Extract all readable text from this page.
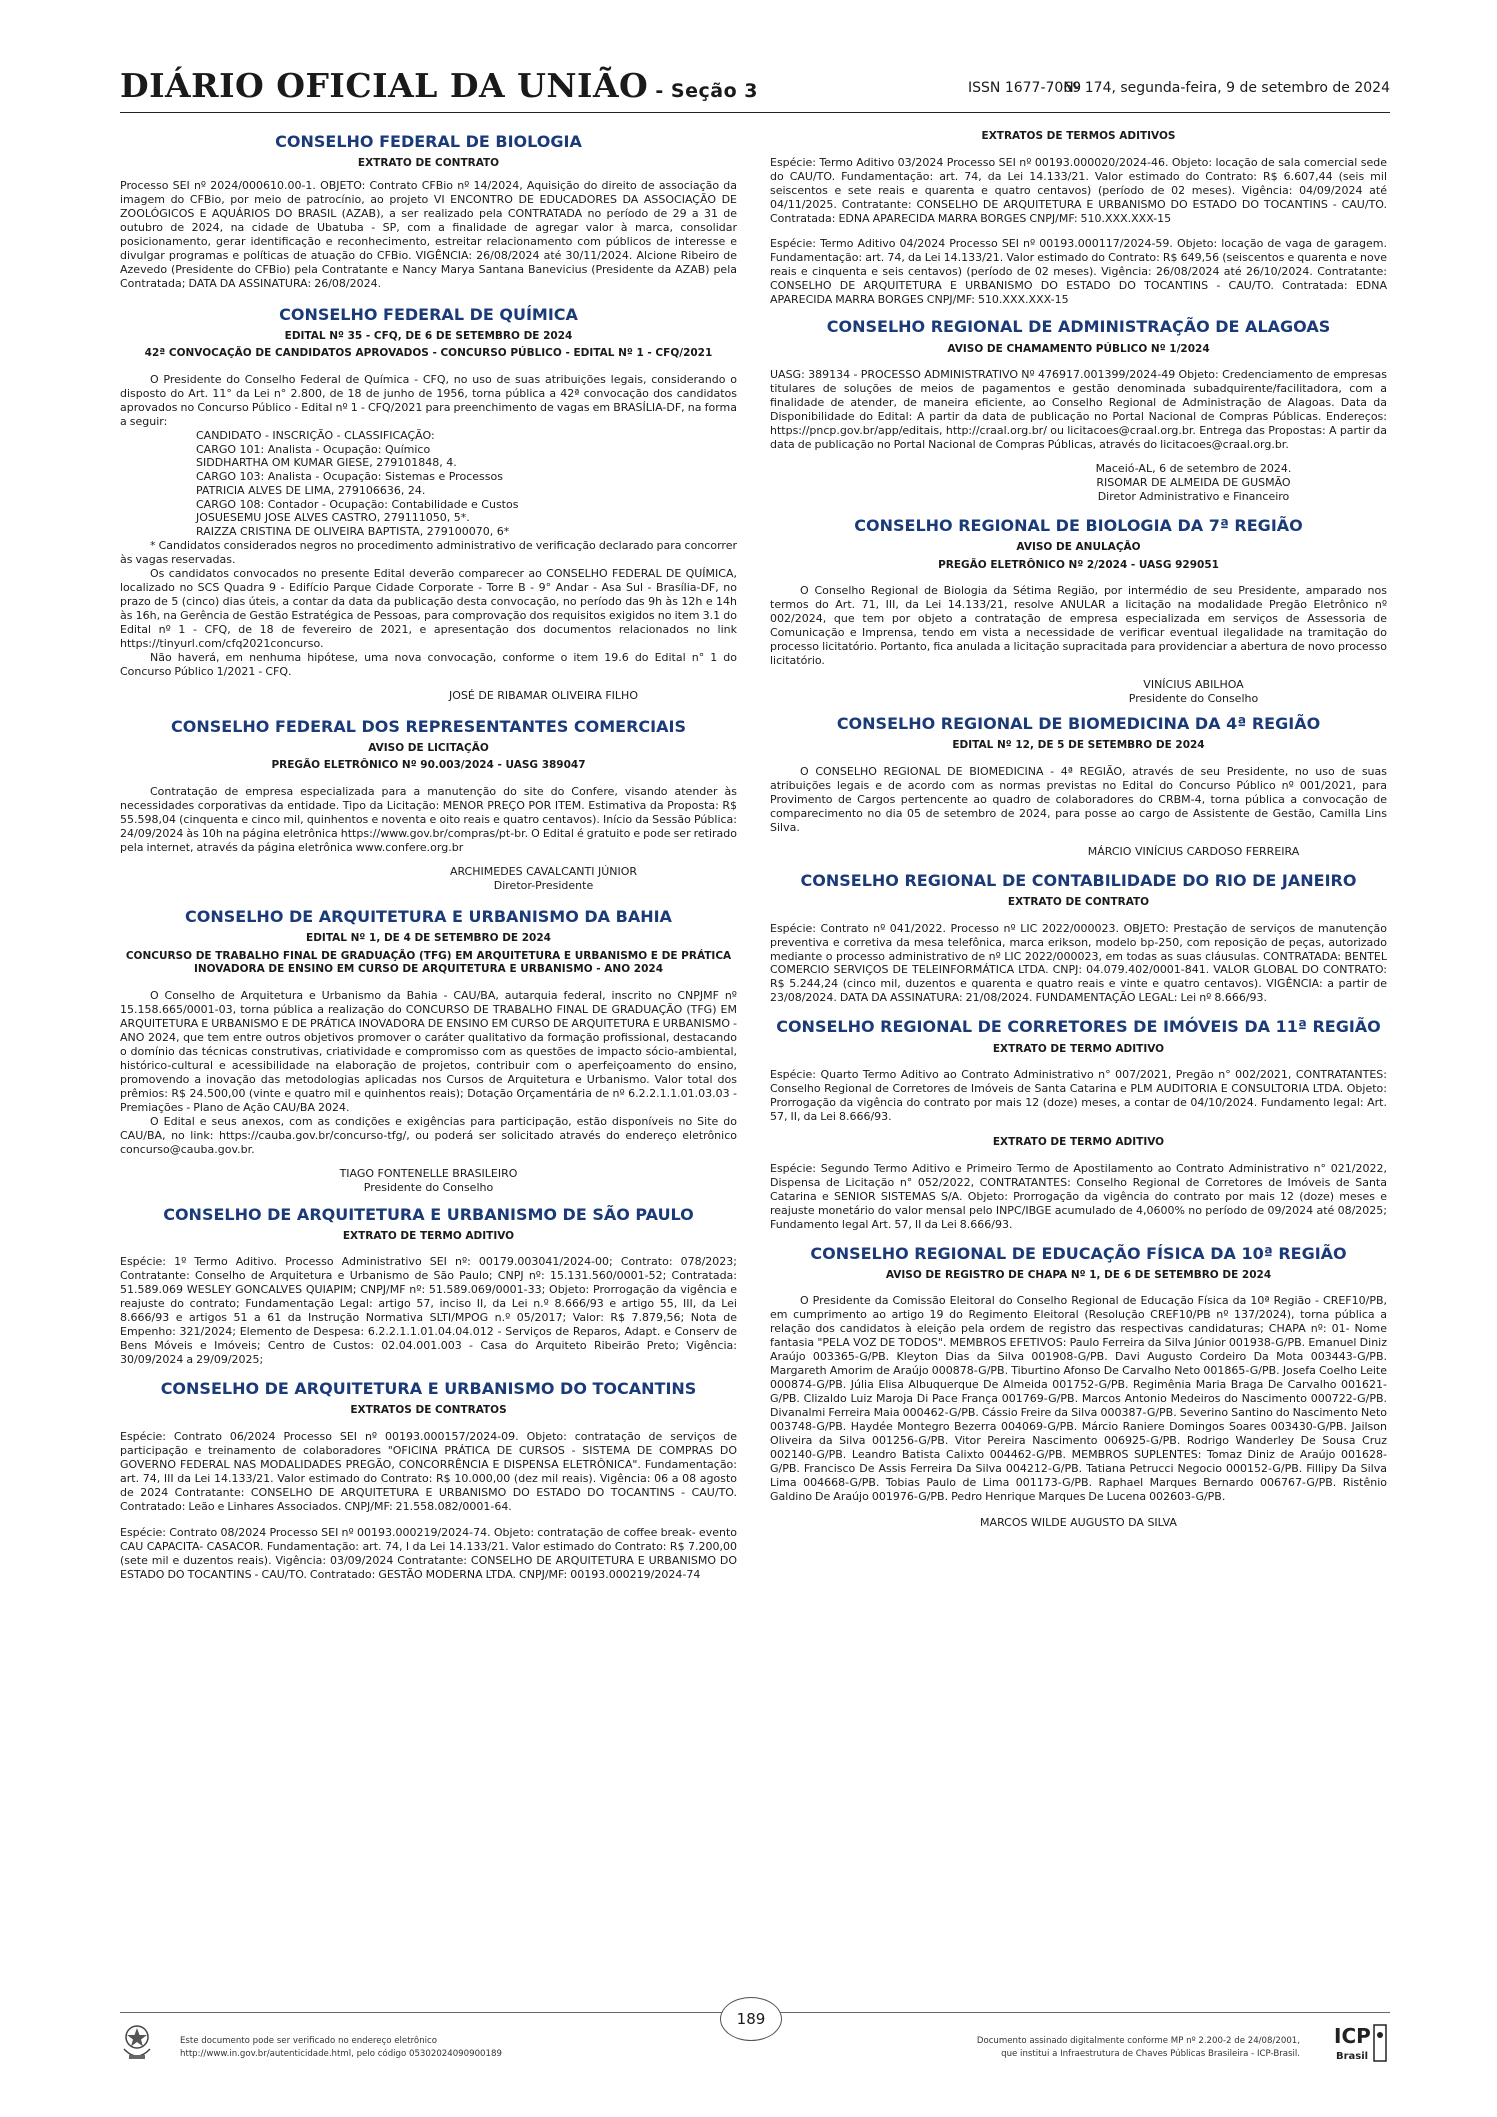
DIÁRIO OFICIAL DA UNIÃO - Seção 3	ISSN 1677-7069
Nº 174, segunda-feira, 9 de setembro de 2024
CONSELHO FEDERAL DE BIOLOGIA
EXTRATO DE CONTRATO
Processo SEI nº 2024/000610.00-1. OBJETO: Contrato CFBio nº 14/2024, Aquisição do direito de associação da imagem do CFBio, por meio de patrocínio, ao projeto VI ENCONTRO DE EDUCADORES DA ASSOCIAÇÃO DE ZOOLÓGICOS E AQUÁRIOS DO BRASIL (AZAB), a ser realizado pela CONTRATADA no período de 29 a 31 de outubro de 2024, na cidade de Ubatuba - SP, com a finalidade de agregar valor à marca, consolidar posicionamento, gerar identificação e reconhecimento, estreitar relacionamento com públicos de interesse e divulgar programas e políticas de atuação do CFBio. VIGÊNCIA: 26/08/2024 até 30/11/2024. Alcione Ribeiro de Azevedo (Presidente do CFBio) pela Contratante e Nancy Marya Santana Banevicius (Presidente da AZAB) pela Contratada; DATA DA ASSINATURA: 26/08/2024.
CONSELHO FEDERAL DE QUÍMICA
EDITAL Nº 35 - CFQ, DE 6 DE SETEMBRO DE 2024
42ª CONVOCAÇÃO DE CANDIDATOS APROVADOS - CONCURSO PÚBLICO - EDITAL Nº 1 - CFQ/2021
O Presidente do Conselho Federal de Química - CFQ, no uso de suas atribuições legais, considerando o disposto do Art. 11° da Lei n° 2.800, de 18 de junho de 1956, torna pública a 42ª convocação dos candidatos aprovados no Concurso Público - Edital nº 1 - CFQ/2021 para preenchimento de vagas em BRASÍLIA-DF, na forma a seguir:
CANDIDATO - INSCRIÇÃO - CLASSIFICAÇÃO:
CARGO 101: Analista - Ocupação: Químico
SIDDHARTHA OM KUMAR GIESE, 279101848, 4.
CARGO 103: Analista - Ocupação: Sistemas e Processos
PATRICIA ALVES DE LIMA, 279106636, 24.
CARGO 108: Contador - Ocupação: Contabilidade e Custos
JOSUESEMU JOSE ALVES CASTRO, 279111050, 5*.
RAIZZA CRISTINA DE OLIVEIRA BAPTISTA, 279100070, 6*
* Candidatos considerados negros no procedimento administrativo de verificação declarado para concorrer às vagas reservadas.
Os candidatos convocados no presente Edital deverão comparecer ao CONSELHO FEDERAL DE QUÍMICA, localizado no SCS Quadra 9 - Edifício Parque Cidade Corporate - Torre B - 9° Andar - Asa Sul - Brasília-DF, no prazo de 5 (cinco) dias úteis, a contar da data da publicação desta convocação, no período das 9h às 12h e 14h às 16h, na Gerência de Gestão Estratégica de Pessoas, para comprovação dos requisitos exigidos no item 3.1 do Edital nº 1 - CFQ, de 18 de fevereiro de 2021, e apresentação dos documentos relacionados no link https://tinyurl.com/cfq2021concurso.
Não haverá, em nenhuma hipótese, uma nova convocação, conforme o item 19.6 do Edital n° 1 do Concurso Público 1/2021 - CFQ.
JOSÉ DE RIBAMAR OLIVEIRA FILHO
CONSELHO FEDERAL DOS REPRESENTANTES COMERCIAIS
AVISO DE LICITAÇÃO
PREGÃO ELETRÔNICO Nº 90.003/2024 - UASG 389047
Contratação de empresa especializada para a manutenção do site do Confere, visando atender às necessidades corporativas da entidade. Tipo da Licitação: MENOR PREÇO POR ITEM. Estimativa da Proposta: R$ 55.598,04 (cinquenta e cinco mil, quinhentos e noventa e oito reais e quatro centavos). Início da Sessão Pública: 24/09/2024 às 10h na página eletrônica https://www.gov.br/compras/pt-br. O Edital é gratuito e pode ser retirado pela internet, através da página eletrônica www.confere.org.br
ARCHIMEDES CAVALCANTI JÚNIOR
Diretor-Presidente
CONSELHO DE ARQUITETURA E URBANISMO DA BAHIA
EDITAL Nº 1, DE 4 DE SETEMBRO DE 2024
CONCURSO DE TRABALHO FINAL DE GRADUAÇÃO (TFG) EM ARQUITETURA E URBANISMO E DE PRÁTICA INOVADORA DE ENSINO EM CURSO DE ARQUITETURA E URBANISMO - ANO 2024
O Conselho de Arquitetura e Urbanismo da Bahia - CAU/BA, autarquia federal, inscrito no CNPJMF nº 15.158.665/0001-03, torna pública a realização do CONCURSO DE TRABALHO FINAL DE GRADUAÇÃO (TFG) EM ARQUITETURA E URBANISMO E DE PRÁTICA INOVADORA DE ENSINO EM CURSO DE ARQUITETURA E URBANISMO - ANO 2024, que tem entre outros objetivos promover o caráter qualitativo da formação profissional, destacando o domínio das técnicas construtivas, criatividade e compromisso com as questões de impacto sócio-ambiental, histórico-cultural e acessibilidade na elaboração de projetos, contribuir com o aperfeiçoamento do ensino, promovendo a inovação das metodologias aplicadas nos Cursos de Arquitetura e Urbanismo. Valor total dos prêmios: R$ 24.500,00 (vinte e quatro mil e quinhentos reais); Dotação Orçamentária de nº 6.2.2.1.1.01.03.03 - Premiações - Plano de Ação CAU/BA 2024.
O Edital e seus anexos, com as condições e exigências para participação, estão disponíveis no Site do CAU/BA, no link: https://cauba.gov.br/concurso-tfg/, ou poderá ser solicitado através do endereço eletrônico concurso@cauba.gov.br.
TIAGO FONTENELLE BRASILEIRO
Presidente do Conselho
CONSELHO DE ARQUITETURA E URBANISMO DE SÃO PAULO
EXTRATO DE TERMO ADITIVO
Espécie: 1º Termo Aditivo. Processo Administrativo SEI nº: 00179.003041/2024-00; Contrato: 078/2023; Contratante: Conselho de Arquitetura e Urbanismo de São Paulo; CNPJ nº: 15.131.560/0001-52; Contratada: 51.589.069 WESLEY GONCALVES QUIAPIM; CNPJ/MF nº: 51.589.069/0001-33; Objeto: Prorrogação da vigência e reajuste do contrato; Fundamentação Legal: artigo 57, inciso II, da Lei n.º 8.666/93 e artigo 55, III, da Lei 8.666/93 e artigos 51 a 61 da Instrução Normativa SLTI/MPOG n.º 05/2017; Valor: R$ 7.879,56; Nota de Empenho: 321/2024; Elemento de Despesa: 6.2.2.1.1.01.04.04.012 - Serviços de Reparos, Adapt. e Conserv de Bens Móveis e Imóveis; Centro de Custos: 02.04.001.003 - Casa do Arquiteto Ribeirão Preto; Vigência: 30/09/2024 a 29/09/2025;
CONSELHO DE ARQUITETURA E URBANISMO DO TOCANTINS
EXTRATOS DE CONTRATOS
Espécie: Contrato 06/2024 Processo SEI nº 00193.000157/2024-09. Objeto: contratação de serviços de participação e treinamento de colaboradores "OFICINA PRÁTICA DE CURSOS - SISTEMA DE COMPRAS DO GOVERNO FEDERAL NAS MODALIDADES PREGÃO, CONCORRÊNCIA E DISPENSA ELETRÔNICA". Fundamentação: art. 74, III da Lei 14.133/21. Valor estimado do Contrato: R$ 10.000,00 (dez mil reais). Vigência: 06 a 08 agosto de 2024 Contratante: CONSELHO DE ARQUITETURA E URBANISMO DO ESTADO DO TOCANTINS - CAU/TO. Contratado: Leão e Linhares Associados. CNPJ/MF: 21.558.082/0001-64.
Espécie: Contrato 08/2024 Processo SEI nº 00193.000219/2024-74. Objeto: contratação de coffee break- evento CAU CAPACITA- CASACOR. Fundamentação: art. 74, I da Lei 14.133/21. Valor estimado do Contrato: R$ 7.200,00 (sete mil e duzentos reais). Vigência: 03/09/2024 Contratante: CONSELHO DE ARQUITETURA E URBANISMO DO ESTADO DO TOCANTINS - CAU/TO. Contratado: GESTÃO MODERNA LTDA. CNPJ/MF: 00193.000219/2024-74
EXTRATOS DE TERMOS ADITIVOS
Espécie: Termo Aditivo 03/2024 Processo SEI nº 00193.000020/2024-46. Objeto: locação de sala comercial sede do CAU/TO. Fundamentação: art. 74, da Lei 14.133/21. Valor estimado do Contrato: R$ 6.607,44 (seis mil seiscentos e sete reais e quarenta e quatro centavos) (período de 02 meses). Vigência: 04/09/2024 até 04/11/2025. Contratante: CONSELHO DE ARQUITETURA E URBANISMO DO ESTADO DO TOCANTINS - CAU/TO. Contratada: EDNA APARECIDA MARRA BORGES CNPJ/MF: 510.XXX.XXX-15
Espécie: Termo Aditivo 04/2024 Processo SEI nº 00193.000117/2024-59. Objeto: locação de vaga de garagem. Fundamentação: art. 74, da Lei 14.133/21. Valor estimado do Contrato: R$ 649,56 (seiscentos e quarenta e nove reais e cinquenta e seis centavos) (período de 02 meses). Vigência: 26/08/2024 até 26/10/2024. Contratante: CONSELHO DE ARQUITETURA E URBANISMO DO ESTADO DO TOCANTINS - CAU/TO. Contratada: EDNA APARECIDA MARRA BORGES CNPJ/MF: 510.XXX.XXX-15
CONSELHO REGIONAL DE ADMINISTRAÇÃO DE ALAGOAS
AVISO DE CHAMAMENTO PÚBLICO Nº 1/2024
UASG: 389134 - PROCESSO ADMINISTRATIVO Nº 476917.001399/2024-49 Objeto: Credenciamento de empresas titulares de soluções de meios de pagamentos e gestão denominada subadquirente/facilitadora, com a finalidade de atender, de maneira eficiente, ao Conselho Regional de Administração de Alagoas. Data da Disponibilidade do Edital: A partir da data de publicação no Portal Nacional de Compras Públicas. Endereços: https://pncp.gov.br/app/editais, http://craal.org.br/ ou licitacoes@craal.org.br. Entrega das Propostas: A partir da data de publicação no Portal Nacional de Compras Públicas, através do licitacoes@craal.org.br.
Maceió-AL, 6 de setembro de 2024.
RISOMAR DE ALMEIDA DE GUSMÃO
Diretor Administrativo e Financeiro
CONSELHO REGIONAL DE BIOLOGIA DA 7ª REGIÃO
AVISO DE ANULAÇÃO
PREGÃO ELETRÔNICO Nº 2/2024 - UASG 929051
O Conselho Regional de Biologia da Sétima Região, por intermédio de seu Presidente, amparado nos termos do Art. 71, III, da Lei 14.133/21, resolve ANULAR a licitação na modalidade Pregão Eletrônico nº 002/2024, que tem por objeto a contratação de empresa especializada em serviços de Assessoria de Comunicação e Imprensa, tendo em vista a necessidade de verificar eventual ilegalidade na tramitação do processo licitatório. Portanto, fica anulada a licitação supracitada para providenciar a abertura de novo processo licitatório.
VINÍCIUS ABILHOA
Presidente do Conselho
CONSELHO REGIONAL DE BIOMEDICINA DA 4ª REGIÃO
EDITAL Nº 12, DE 5 DE SETEMBRO DE 2024
O CONSELHO REGIONAL DE BIOMEDICINA - 4ª REGIÃO, através de seu Presidente, no uso de suas atribuições legais e de acordo com as normas previstas no Edital do Concurso Público nº 001/2021, para Provimento de Cargos pertencente ao quadro de colaboradores do CRBM-4, torna pública a convocação de comparecimento no dia 05 de setembro de 2024, para posse ao cargo de Assistente de Gestão, Camilla Lins Silva.
MÁRCIO VINÍCIUS CARDOSO FERREIRA
CONSELHO REGIONAL DE CONTABILIDADE DO RIO DE JANEIRO
EXTRATO DE CONTRATO
Espécie: Contrato nº 041/2022. Processo nº LIC 2022/000023. OBJETO: Prestação de serviços de manutenção preventiva e corretiva da mesa telefônica, marca erikson, modelo bp-250, com reposição de peças, autorizado mediante o processo administrativo de nº LIC 2022/000023, em todas as suas cláusulas. CONTRATADA: BENTEL COMERCIO SERVIÇOS DE TELEINFORMÁTICA LTDA. CNPJ: 04.079.402/0001-841. VALOR GLOBAL DO CONTRATO: R$ 5.244,24 (cinco mil, duzentos e quarenta e quatro reais e vinte e quatro centavos). VIGÊNCIA: a partir de 23/08/2024. DATA DA ASSINATURA: 21/08/2024. FUNDAMENTAÇÃO LEGAL: Lei nº 8.666/93.
CONSELHO REGIONAL DE CORRETORES DE IMÓVEIS DA 11ª REGIÃO
EXTRATO DE TERMO ADITIVO
Espécie: Quarto Termo Aditivo ao Contrato Administrativo n° 007/2021, Pregão n° 002/2021, CONTRATANTES: Conselho Regional de Corretores de Imóveis de Santa Catarina e PLM AUDITORIA E CONSULTORIA LTDA. Objeto: Prorrogação da vigência do contrato por mais 12 (doze) meses, a contar de 04/10/2024. Fundamento legal: Art. 57, II, da Lei 8.666/93.
EXTRATO DE TERMO ADITIVO
Espécie: Segundo Termo Aditivo e Primeiro Termo de Apostilamento ao Contrato Administrativo n° 021/2022, Dispensa de Licitação n° 052/2022, CONTRATANTES: Conselho Regional de Corretores de Imóveis de Santa Catarina e SENIOR SISTEMAS S/A. Objeto: Prorrogação da vigência do contrato por mais 12 (doze) meses e reajuste monetário do valor mensal pelo INPC/IBGE acumulado de 4,0600% no período de 09/2024 até 08/2025; Fundamento legal Art. 57, II da Lei 8.666/93.
CONSELHO REGIONAL DE EDUCAÇÃO FÍSICA DA 10ª REGIÃO
AVISO DE REGISTRO DE CHAPA Nº 1, DE 6 DE SETEMBRO DE 2024
O Presidente da Comissão Eleitoral do Conselho Regional de Educação Física da 10ª Região - CREF10/PB, em cumprimento ao artigo 19 do Regimento Eleitoral (Resolução CREF10/PB nº 137/2024), torna pública a relação dos candidatos à eleição pela ordem de registro das respectivas candidaturas; CHAPA nº: 01- Nome fantasia "PELA VOZ DE TODOS". MEMBROS EFETIVOS: Paulo Ferreira da Silva Júnior 001938-G/PB. Emanuel Diniz Araújo 003365-G/PB. Kleyton Dias da Silva 001908-G/PB. Davi Augusto Cordeiro Da Mota 003443-G/PB. Margareth Amorim de Araújo 000878-G/PB. Tiburtino Afonso De Carvalho Neto 001865-G/PB. Josefa Coelho Leite 000874-G/PB. Júlia Elisa Albuquerque De Almeida 001752-G/PB. Regimênia Maria Braga De Carvalho 001621-G/PB. Clizaldo Luiz Maroja Di Pace França 001769-G/PB. Marcos Antonio Medeiros do Nascimento 000722-G/PB. Divanalmi Ferreira Maia 000462-G/PB. Cássio Freire da Silva 000387-G/PB. Severino Santino do Nascimento Neto 003748-G/PB. Haydée Montegro Bezerra 004069-G/PB. Márcio Raniere Domingos Soares 003430-G/PB. Jailson Oliveira da Silva 001256-G/PB. Vitor Pereira Nascimento 006925-G/PB. Rodrigo Wanderley De Sousa Cruz 002140-G/PB. Leandro Batista Calixto 004462-G/PB. MEMBROS SUPLENTES: Tomaz Diniz de Araújo 001628-G/PB. Francisco De Assis Ferreira Da Silva 004212-G/PB. Tatiana Petrucci Negocio 000152-G/PB. Fillipy Da Silva Lima 004668-G/PB. Tobias Paulo de Lima 001173-G/PB. Raphael Marques Bernardo 006767-G/PB. Ristênio Galdino De Araújo 001976-G/PB. Pedro Henrique Marques De Lucena 002603-G/PB.
MARCOS WILDE AUGUSTO DA SILVA
Este documento pode ser verificado no endereço eletrônico
http://www.in.gov.br/autenticidade.html, pelo código 05302024090900189
189
Documento assinado digitalmente conforme MP nº 2.200-2 de 24/08/2001,
que institui a Infraestrutura de Chaves Públicas Brasileira - ICP-Brasil.
ICP
Brasil
